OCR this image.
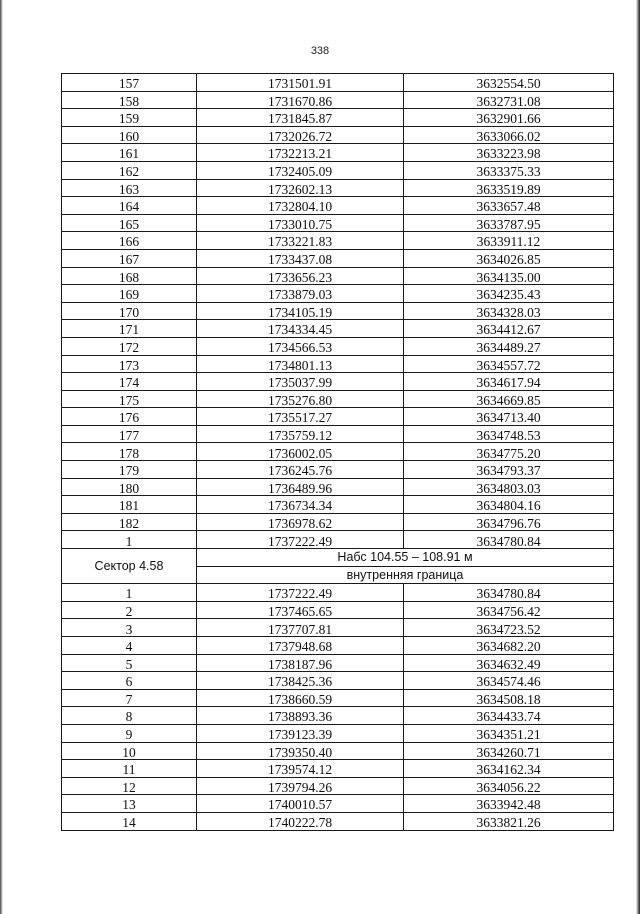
338
157	1731501.91	3632554.50
158	1731670.86	3632731.08
159	1731845.87	3632901.66
160	1732026.72	3633066.02
161	1732213.21	3633223.98
162	1732405.09	3633375.33
163	1732602.13	3633519.89
164	1732804.10	3633657.48
165	1733010.75	3633787.95
166	1733221.83	3633911.12
167	1733437.08	3634026.85
168	1733656.23	3634135.00
169	1733879.03	3634235.43
170	1734105.19	3634328.03
171	1734334.45	3634412.67
172	1734566.53	3634489.27
173	1734801.13	3634557.72
174	1735037.99	3634617.94
175	1735276.80	3634669.85
176	1735517.27	3634713.40
177	1735759.12	3634748.53
178	1736002.05	3634775.20
179	1736245.76	3634793.37
180	1736489.96	3634803.03
181	1736734.34	3634804.16
182	1736978.62	3634796.76
1	1737222.49	3634780.84
Сектор 4.58	Набс 104.55 – 108.91 м	
	внутренняя граница	
1	1737222.49	3634780.84
2	1737465.65	3634756.42
3	1737707.81	3634723.52
4	1737948.68	3634682.20
5	1738187.96	3634632.49
6	1738425.36	3634574.46
7	1738660.59	3634508.18
8	1738893.36	3634433.74
9	1739123.39	3634351.21
10	1739350.40	3634260.71
11	1739574.12	3634162.34
12	1739794.26	3634056.22
13	1740010.57	3633942.48
14	1740222.78	3633821.26
